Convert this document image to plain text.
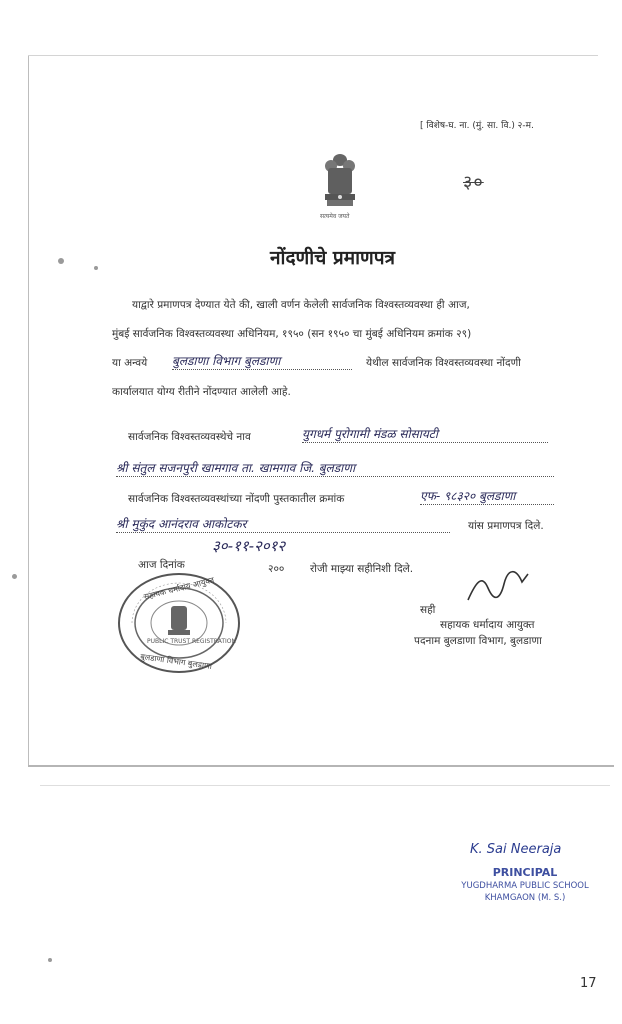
[ विशेष-घ. ना. (मुं. सा. वि.) २-म.
सत्यमेव जयते
३०
नोंदणीचे प्रमाणपत्र
याद्वारे प्रमाणपत्र देण्यात येते की, खाली वर्णन केलेली सार्वजनिक विश्वस्तव्यवस्था ही आज,
मुंबई सार्वजनिक विश्वस्तव्यवस्था अधिनियम, १९५० (सन १९५० चा मुंबई अधिनियम क्रमांक २९)
या अन्वये बुलडाणा विभाग बुलडाणा	येथील सार्वजनिक विश्वस्तव्यवस्था नोंदणी
कार्यालयात योग्य रीतीने नोंदण्यात आलेली आहे.
सार्वजनिक विश्वस्तव्यवस्थेचे नाव	युगधर्म पुरोगामी मंडळ सोसायटी
श्री संतुल सजनपुरी खामगाव ता. खामगाव जि. बुलडाणा
सार्वजनिक विश्वस्तव्यवस्थांच्या नोंदणी पुस्तकातील क्रमांक	एफ- ९८३२० बुलडाणा
श्री मुकुंद आनंदराव आकोटकर	यांस प्रमाणपत्र दिले.
३०-११-२०१२
आज दिनांक	२०० रोजी माझ्या सहीनिशी दिले.
सहायक धर्मादाय आयुक्त
PUBLIC TRUST REGISTRATION
बुलडाणा विभाग बुलडाणा
सही
सहायक धर्मादाय आयुक्त
पदनाम बुलडाणा विभाग, बुलडाणा
K. Sai Neeraja
PRINCIPAL
YUGDHARMA PUBLIC SCHOOL
KHAMGAON (M. S.)
17
